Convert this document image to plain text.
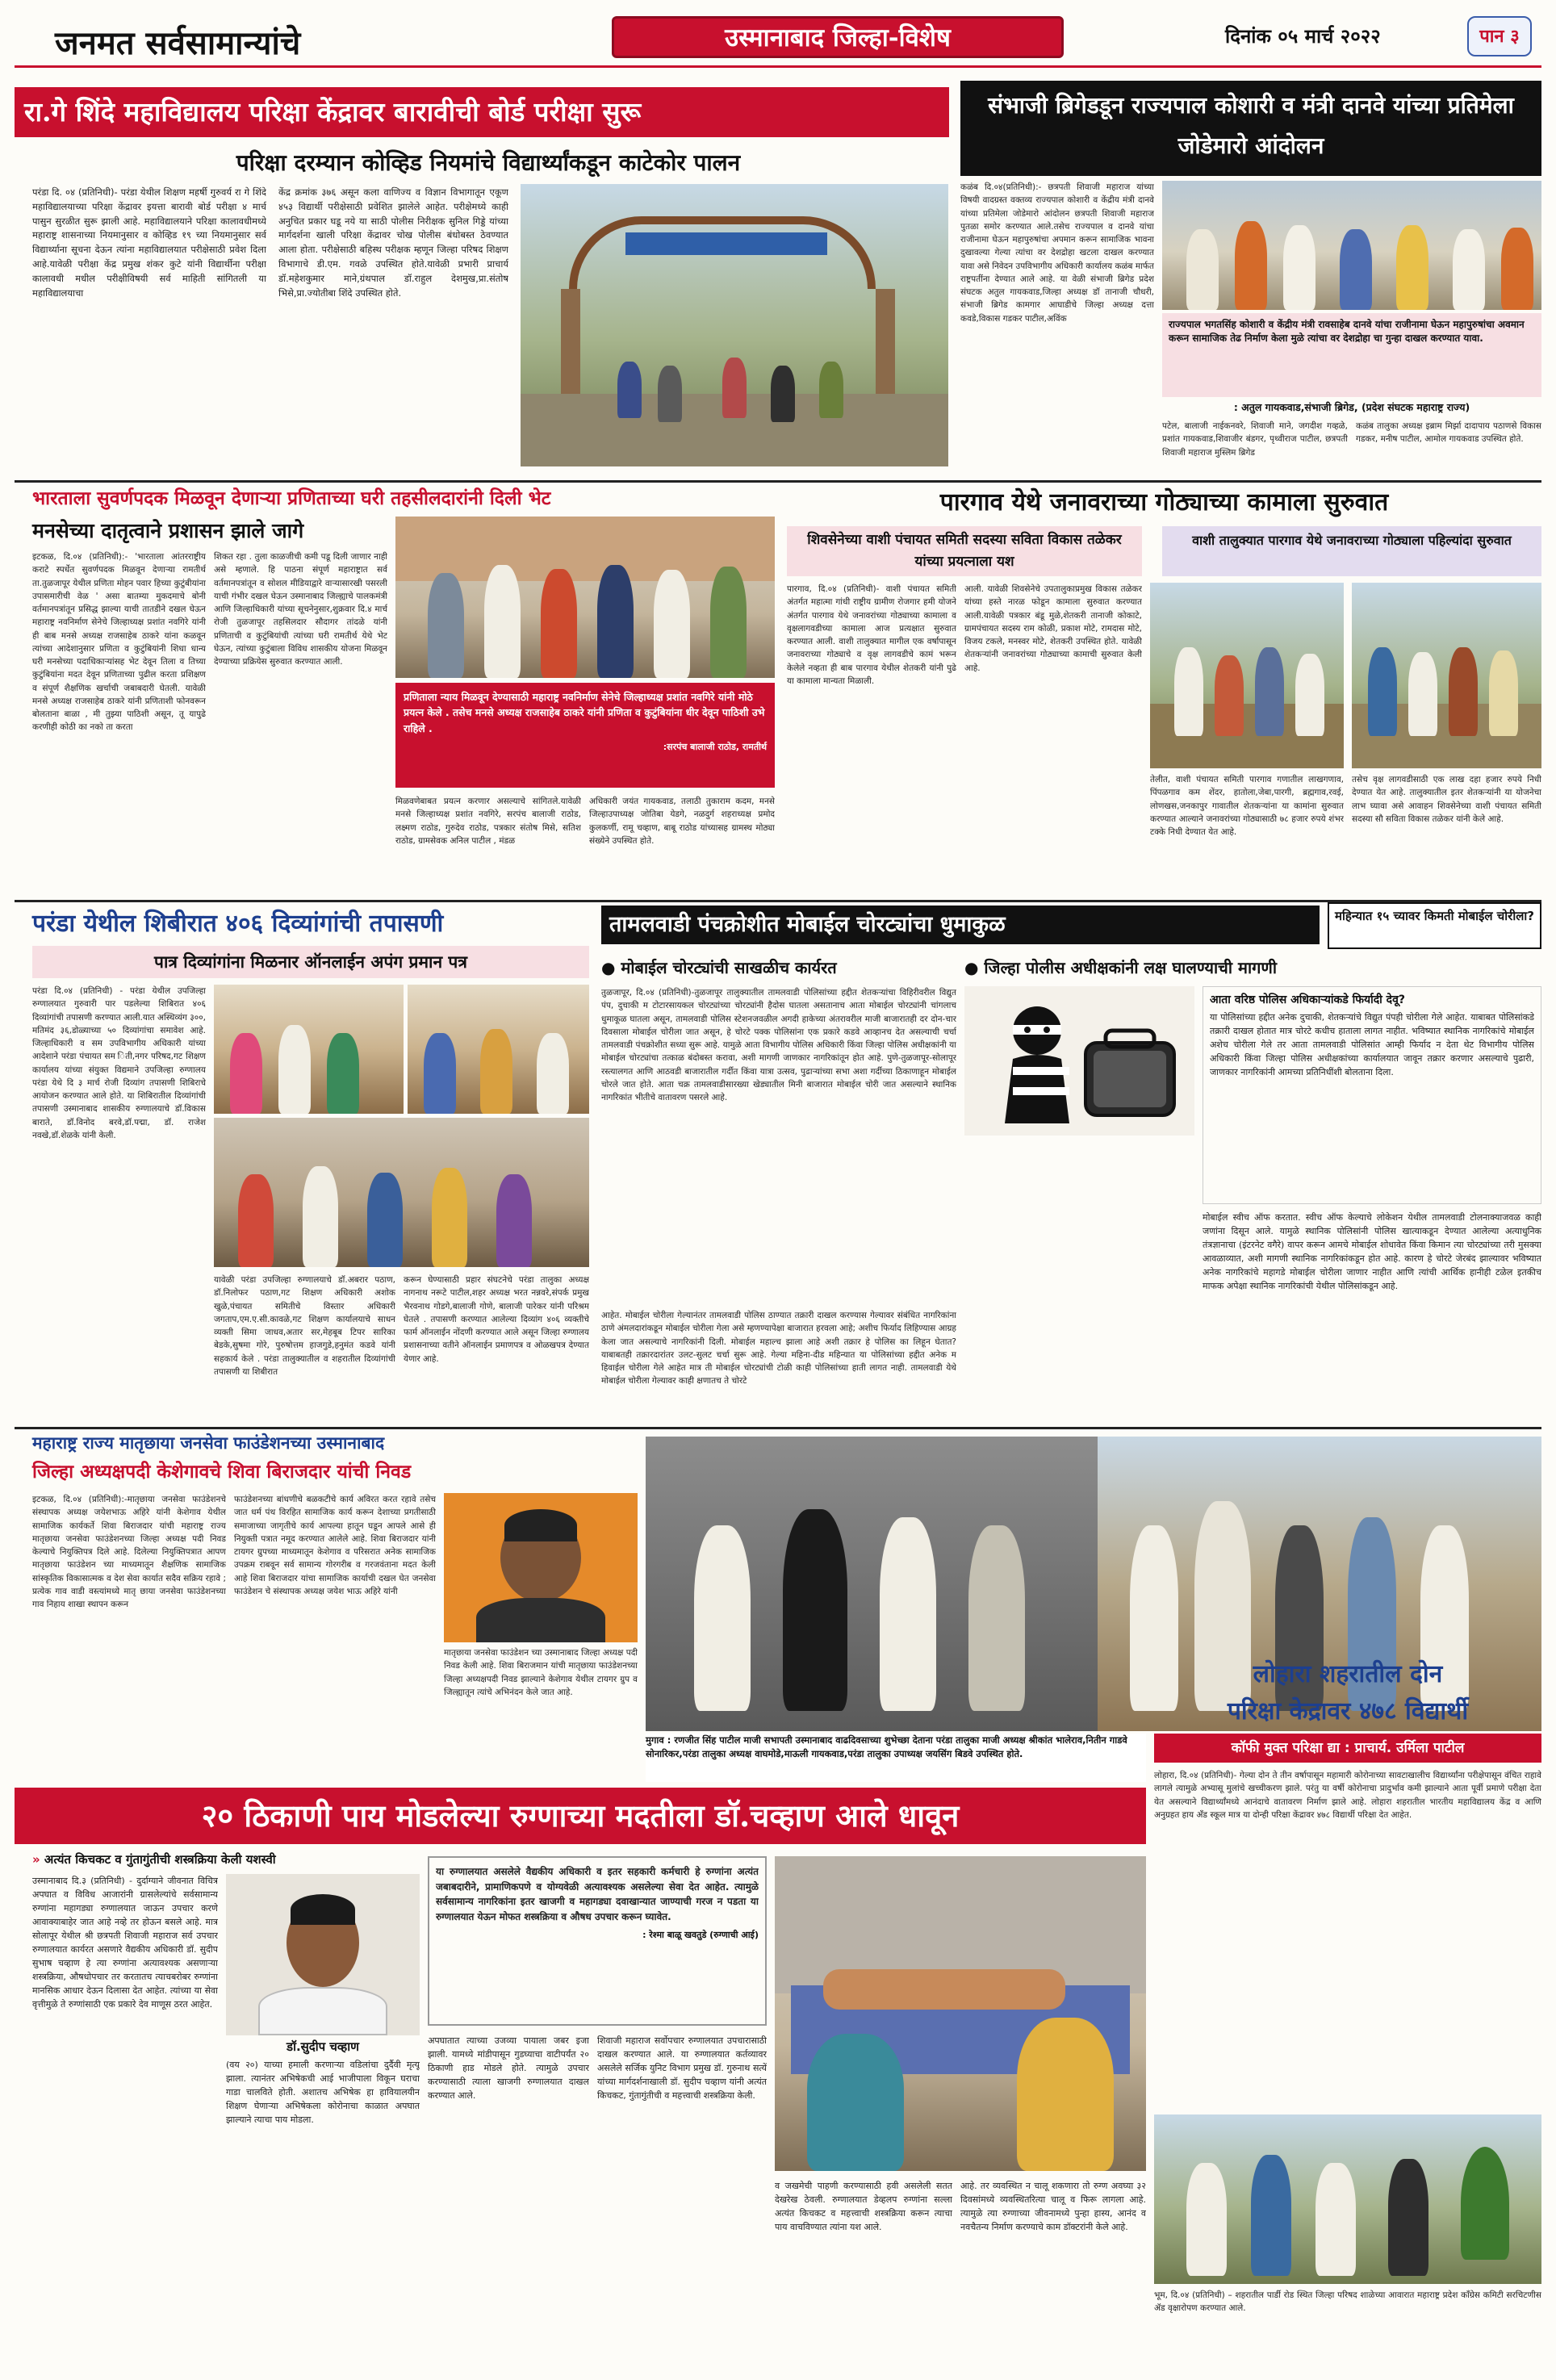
जनमत सर्वसामान्यांचे	उस्मानाबाद जिल्हा-विशेष	दिनांक ०५ मार्च २०२२	पान ३
रा.गे शिंदे महाविद्यालय परिक्षा केंद्रावर बारावीची बोर्ड परीक्षा सुरू
परिक्षा दरम्यान कोव्हिड नियमांचे विद्यार्थ्यांकडून काटेकोर पालन
परंडा दि. ०४ (प्रतिनिधी)- परंडा येथील शिक्षण महर्षी गुरुवर्य रा गे शिंदे महाविद्यालयाच्या परिक्षा केंद्रावर इयत्ता बारावी बोर्ड परीक्षा ४ मार्च पासुन सुरळीत सुरू झाली आहे. महाविद्यालयाने परिक्षा कालावधीमध्ये महाराष्ट्र शासनाच्या नियमानुसार व कोव्हिड १९ च्या नियमानुसार सर्व विद्यार्थ्याना सूचना देऊन त्यांना महाविद्यालयात परीक्षेसाठी प्रवेश दिला आहे.यावेळी परीक्षा केंद्र प्रमुख शंकर कुटे यांनी विद्यार्थीना परीक्षा कालावधी मधील परीक्षीविषयी सर्व माहिती सांगितली या महाविद्यालयाचा
केंद्र क्रमांक ३७६ असून कला वाणिज्य व विज्ञान विभागातून एकूण ४५३ विद्यार्थी परीक्षेसाठी प्रवेशित झालेले आहेत. परीक्षेमध्ये काही अनुचित प्रकार घडू नये या साठी पोलीस निरीक्षक सुनिल गिड्डे यांच्या मार्गदर्शना खाली परिक्षा केंद्रावर चोख पोलीस बंधोबस्त ठेवण्यात आला होता. परीक्षेसाठी बहिस्थ परीक्षक म्हणून जिल्हा परिषद शिक्षण विभागाचे डी.एम. गवळे उपस्थित होते.यावेळी प्रभारी प्राचार्य डॉ.महेशकुमार माने,ग्रंथपाल डॉ.राहुल देशमुख,प्रा.संतोष भिसे,प्रा.ज्योतीबा शिंदे उपस्थित होते.
संभाजी ब्रिगेडडून राज्यपाल कोशारी व मंत्री दानवे यांच्या प्रतिमेला जोडेमारो आंदोलन
कळंब दि.०४(प्रतिनिधी):- छत्रपती शिवाजी महाराज यांच्या विषयी वादग्रस्त वक्तव्य राज्यपाल कोशारी व केंद्रीय मंत्री दानवे यांच्या प्रतिमेला जोडेमारो आंदोलन छत्रपती शिवाजी महाराज पुतळा समोर करण्यात आले.तसेच राज्यपाल व दानवे यांचा राजीनामा घेऊन महापुरुषांचा अपमान करून सामाजिक भावना दुखावल्या गेल्या त्यांचा वर देशद्रोहा खटला दाखल करण्यात यावा असे निवेदन उपविभागीय अधिकारी कार्यालय कळंब मार्फत राष्ट्रपतींना देण्यात आले आहे. या वेळी संभाजी ब्रिगेड प्रदेश संघटक अतुल गायकवाड,जिल्हा अध्यक्ष डॉ तानाजी चौधरी, संभाजी ब्रिगेड कामगार आघाडीचे जिल्हा अध्यक्ष दत्ता कवडे,विकास गडकर पाटील,अविंक
राज्यपाल भगतसिंह कोशारी व केंद्रीय मंत्री रावसाहेब दानवे यांचा राजीनामा घेऊन महापुरुषांचा अवमान करून सामाजिक तेढ निर्माण केला मुळे त्यांचा वर देशद्रोहा चा गुन्हा दाखल करण्यात यावा.
: अतुल गायकवाड,संभाजी ब्रिगेड, (प्रदेश संघटक महाराष्ट्र राज्य)
पटेल, बालाजी नाईकनवरे, शिवाजी माने, जगदीश गव्हळे, प्रशांत गायकवाड,शिवाजीर बंडगर, पृथ्वीराज पाटील, छत्रपती शिवाजी महाराज मुस्लिम ब्रिगेड
कळंब तालुका अध्यक्ष इब्राम मिर्झा दादापाय पठाणसे विकास गडकर, मनीष पाटील, आमोल गायकवाड उपस्थित होते.
भारताला सुवर्णपदक मिळवून देणाऱ्या प्रणिताच्या घरी तहसीलदारांनी दिली भेट
मनसेच्या दातृत्वाने प्रशासन झाले जागे
इटकळ, दि.०४ (प्रतिनिधी):- 'भारताला आंतरराष्ट्रीय कराटे स्पर्धेत सुवर्णपदक मिळवून देणाऱ्या रामतीर्थ ता.तुळजापूर येथील प्रणिता मोहन पवार हिच्या कुटुंबीयांना उपासमारीची वेळ ' असा बातम्या मुकदमाचे बोनी वर्तमानपत्रांतून प्रसिद्ध झाल्या याची तातडीने दखल घेऊन महाराष्ट्र नवनिर्माण सेनेचे जिल्हाध्यक्ष प्रशांत नवगिरे यांनी ही बाब मनसे अध्यक्ष राजसाहेब ठाकरे यांना कळवून त्यांच्या आदेशानुसार प्रणिता व कुटुंबियांनी शिधा धान्य घरी मनसेच्या पदाधिकाऱ्यांसह भेट देवून तिला व तिच्या कुटुंबियांना मदत देवून प्रणिताच्या पुढील करता प्रशिक्षण व संपूर्ण शैक्षणिक खर्चाची जबाबदारी घेतली. यावेळी मनसे अध्यक्ष राजसाहेब ठाकरे यांनी प्रणिताशी फोनवरून बोलताना बाळा , मी तुझ्या पाठिशी असून, तू यापुढे करणीही कोठी का नको ता करता
शिकत रहा . तुला काळजीची कमी पडू दिली जाणार नाही असे म्हणाले. हि पाठना संपूर्ण महाराष्ट्रात सर्व वर्तमानपत्रांतून व सोशल मीडियाद्वारे वाऱ्यासारखी पसरली याची गंभीर दखल घेऊन उस्मानाबाद जिल्ह्याचे पालकमंत्री आणि जिल्हाधिकारी यांच्या सूचनेनुसार,शुक्रवार दि.४ मार्च रोजी तुळजापूर तहसिलदार सौदागर तांदळे यांनी प्रणिताची व कुटुंबियांची त्यांच्या घरी रामतीर्थ येथे भेट घेऊन, त्यांच्या कुटुंबाला विविध शासकीय योजना मिळवून देण्याच्या प्रक्रियेस सुरुवात करण्यात आली.
प्रणिताला न्याय मिळवून देण्यासाठी महाराष्ट्र नवनिर्माण सेनेचे जिल्हाध्यक्ष प्रशांत नवगिरे यांनी मोठे प्रयत्न केले . तसेच मनसे अध्यक्ष राजसाहेब ठाकरे यांनी प्रणिता व कुटुंबियांना धीर देवून पाठिशी उभे राहिले .
:सरपंच बालाजी राठोड, रामतीर्थ
मिळवणेबाबत प्रयत्न करणार असल्याचे सांगितले.यावेळी मनसे जिल्हाध्यक्ष प्रशांत नवगिरे, सरपंच बालाजी राठोड, लक्ष्मण राठोड, गुरुदेव राठोड, पत्रकार संतोष मिसे, सतिश राठोड, ग्रामसेवक अनिल पाटील , मंडळ
अधिकारी जयंत गायकवाड, तलाठी तुकाराम कदम, मनसे जिल्हाउपाध्यक्ष जोतिबा येडगे, नळदुर्ग शहराध्यक्ष प्रमोद कुलकर्णी, रामू चव्हाण, बाबू राठोड यांच्यासह ग्रामस्थ मोठ्या संख्येने उपस्थित होते.
पारगाव येथे जनावराच्या गोठ्याच्या कामाला सुरुवात
शिवसेनेच्या वाशी पंचायत समिती सदस्या सविता विकास तळेकर यांच्या प्रयत्नाला यश
वाशी तालुक्यात पारगाव येथे जनावराच्या गोठ्याला पहिल्यांदा सुरुवात
पारगाव, दि.०४ (प्रतिनिधी)- वाशी पंचायत समिती अंतर्गत महात्मा गांधी राष्ट्रीय ग्रामीण रोजगार हमी योजने अंतर्गत पारगाव येथे जनावरांच्या गोठ्याच्या कामाला व वृक्षलागवडीच्या कामाला आज प्रत्यक्षात सुरुवात करण्यात आली. वाशी तालुक्यात मागील एक वर्षापासून जनावराच्या गोठ्याचे व वृक्ष लागवडीचे कामं भरून केलेले नव्हता ही बाब पारगाव येथील शेतकरी यांनी पुढे या कामाला मान्यता मिळाली.
आली. यावेळी शिवसेनेचे उपतालुकाप्रमुख विकास तळेकर यांच्या हस्ते नारळ फोडून कामाला सुरुवात करण्यात आली.यावेळी पत्रकार बंडू मुळे,शेतकरी तानाजी कोकाटे, ग्रामपंचायत सदस्य राम कोळी, प्रकाश मोटे, रामदास मोटे, विजय टकले, मनस्वर मोटे, शेतकरी उपस्थित होते. यावेळी शेतकऱ्यांनी जनावरांच्या गोठ्याच्या कामाची सुरुवात केली आहे.
तेलीत, वाशी पंचायत समिती पारगाव गणातील लाखगणाव, पिंपळगाव कम शेंदर, हातोला,जेबा,पारगी, ब्रह्मगाव,रवई, लोणखस,जनकापुर गावातील शेतकऱ्यांना या कामांना सुरुवात करण्यात आल्याने जनावरांच्या गोठ्यासाठी ७८ हजार रुपये शंभर टक्के निधी देण्यात येत आहे.
तसेच वृक्ष लागवडीसाठी एक लाख दहा हजार रुपये निधी देण्यात येत आहे. तालुक्यातील इतर शेतकऱ्यांनी या योजनेचा लाभ घ्यावा असे आवाहन शिवसेनेच्या वाशी पंचायत समिती सदस्या सौ सविता विकास तळेकर यांनी केले आहे.
परंडा येथील शिबीरात ४०६ दिव्यांगांची तपासणी
पात्र दिव्यांगांना मिळनार ऑनलाईन अपंग प्रमान पत्र
परंडा दि.०४ (प्रतिनिधी) - परंडा येथील उपजिल्हा रुग्णालयात गुरुवारी पार पडलेल्या शिबिरात ४०६ दिव्यांगांची तपासणी करण्यात आली.यात अस्थिव्यंग ३००, मतिमंद ३६,डोळ्याच्या ५० दिव्यांगांचा समावेश आहे. जिल्हाधिकारी व सम उपविभागीय अधिकारी यांच्या आदेशाने परंडा पंचायत सम िती,नगर परिषद,गट शिक्षण कार्यालय यांच्या संयुक्त विद्यमाने उपजिल्हा रुग्णालय परंडा येथे दि ३ मार्च रोजी दिव्यांग तपासणी शिबिराचे आयोजन करण्यात आले होते. या शिबिरातील दिव्यांगांची तपासणी उस्मानाबाद शासकीय रुग्णालयाचे डॉ.विकास बाराते, डॉ.विनोद बरवे,डॉ.पद्मा, डॉ. राजेश नवखे,डॉ.शेळके यांनी केली.
यावेळी परंडा उपजिल्हा रुग्णालयाचे डॉ.अबरार पठाण, डॉ.निलोफर पठाण,गट शिक्षण अधिकारी अशोक खुळे,पंचायत समितीचे विस्तार अधिकारी जगताप,एम.ए.सी.कावळे,गट शिक्षण कार्यालयाचे साधन व्यक्ती सिमा जाधव,अतार सर,मेहबूब टिपर सारिका बेडके,सुषमा गोरे, पुरुषोत्तम हाजगुडे,हनुमंत कडवे यांनी सहकार्य केले . परंडा तालुक्यातील व शहरातील दिव्यांगांची तपासणी या शिबीरात
करून घेण्यासाठी प्रहार संघटनेचे परंडा तालुका अध्यक्ष नागनाथ नरूटे पाटील,शहर अध्यक्ष भरत नन्नवरे,संपर्क प्रमुख भैरवनाथ गोडगे,बालाजी गोणे, बालाजी पारेकर यांनी परिश्रम घेतले . तपासणी करण्यात आलेल्या दिव्यांग ४०६ व्यक्तीचे फार्म ऑनलाईन नोंदणी करण्यात आले असून जिल्हा रुग्णालय प्रशासनाच्या वतीने ऑनलाईन प्रमाणपत्र व ओळखपत्र देण्यात येणार आहे.
तामलवाडी पंचक्रोशीत मोबाईल चोरट्यांचा धुमाकुळ	महिन्यात १५ च्यावर किमती मोबाईल चोरीला?
● मोबाईल चोरट्यांची साखळीच कार्यरत	● जिल्हा पोलीस अधीक्षकांनी लक्ष घालण्याची मागणी
तुळजापूर, दि.०४ (प्रतिनिधी)-तुळजापूर तालुक्यातील तामलवाडी पोलिसांच्या हद्दीत शेतकऱ्यांचा विहिरीवरील विद्युत पंप, दुचाकी म टोटारसायकल चोरट्यांच्या चोरट्यांनी हैदोस घातला असतानाच आता मोबाईल चोरट्यांनी चांगलाच धुमाकूळ घातला असून, तामलवाडी पोलिस स्टेशनजवळील अगदी हाकेच्या अंतरावरील माजी बाजारातही दर दोन-चार दिवसाला मोबाईल चोरीला जात असून, हे चोरटे पक्क पोलिसांना एक प्रकारे कडवे आव्हानच देत असल्याची चर्चा तामलवाडी पंचक्रोशीत सध्या सुरू आहे. यामुळे आता विभागीय पोलिस अधिकारी किंवा जिल्हा पोलिस अधीक्षकांनी या मोबाईल चोरट्यांचा तत्काळ बंदोबस्त करावा, अशी मागणी जाणकार नागरिकांतून होत आहे. पुणे-तुळजापूर-सोलापूर रस्त्यालगत आणि आठवडी बाजारातील गर्दीत किंवा यात्रा उत्सव, पुढाऱ्यांच्या सभा अशा गर्दीच्या ठिकाणाहून मोबाईल चोरले जात होते. आता चक्र तामलवाडीसारख्या खेड्यातील मिनी बाजारात मोबाईल चोरी जात असल्याने स्थानिक नागरिकांत भीतीचे वातावरण पसरले आहे.
आहेत. मोबाईल चोरीला गेल्यानंतर तामलवाडी पोलिस ठाण्यात तक्रारी दाखल करण्यास गेल्यावर संबंधित नागरिकांना ठाणे अंमलदारांकडून मोबाईल चोरीला गेला असे म्हणण्यापेक्षा बाजारात हरवला आहे; अशीच फिर्याद लिहिण्यास आग्रह केला जात असल्याचे नागरिकांनी दिली. मोबाईल महाल्च झाला आहे अशी तक्रार हे पोलिस का लिहून घेतात? याबाबतही तक्रारदारांतर उलट-सुलट चर्चा सुरू आहे. गेल्या महिना-दीड महिन्यात या पोलिसांच्या हद्दीत अनेक म हिवाईल चोरीला गेले आहेत मात्र ती मोबाईल चोरट्यांची टोळी काही पोलिसांच्या हाती लागत नाही. तामलवाडी येथे मोबाईल चोरीला गेल्यावर काही क्षणातच ते चोरटे
आता वरिष्ठ पोलिस अधिकाऱ्यांकडे फिर्यादी देवू?
या पोलिसांच्या हद्दीत अनेक दुचाकी, शेतकऱ्यांचे विद्युत पंपही चोरीला गेले आहेत. याबाबत पोलिसांकडे तक्रारी दाखल होतात मात्र चोरटे कधीच हाताला लागत नाहीत. भविष्यात स्थानिक नागरिकांचे मोबाईल अशेच चोरीला गेले तर आता तामलवाडी पोलिसांत आम्ही फिर्याद न देता थेट विभागीय पोलिस अधिकारी किंवा जिल्हा पोलिस अधीक्षकांच्या कार्यालयात जावून तक्रार करणार असल्याचे पुढारी, जाणकार नागरिकांनी आमच्या प्रतिनिधींशी बोलताना दिला.
मोबाईल स्वीच ऑफ करतात. स्वीच ऑफ केल्याचे लोकेशन येथील तामलवाडी टोलनाक्याजवळ काही जणांना दिसून आले. यामुळे स्थानिक पोलिसांनी पोलिस खात्याकडून देण्यात आलेल्या अत्याधुनिक तंत्रज्ञानाचा (इंटरनेट वगैरे) वापर करून आमचे मोबाईल शोधावेत किंवा किमान त्या चोरट्यांच्या तरी मुसक्या आवळाव्यात, अशी मागणी स्थानिक नागरिकांकडून होत आहे. कारण हे चोरटे जेरबंद झाल्यावर भविष्यात अनेक नागरिकांचे महागडे मोबाईल चोरीला जाणार नाहीत आणि त्यांची आर्थिक हानीही टळेल इतकीच माफक अपेक्षा स्थानिक नागरिकांची येथील पोलिसांकडून आहे.
महाराष्ट्र राज्य मातृछाया जनसेवा फाउंडेशनच्या उस्मानाबाद
जिल्हा अध्यक्षपदी केशेगावचे शिवा बिराजदार यांची निवड
इटकळ, दि.०४ (प्रतिनिधी):-मातृछाया जनसेवा फाउंडेशनचे संस्थापक अध्यक्ष जयेशभाऊ अहिरे यांनी केशेगाव येथील सामाजिक कार्यकर्ते शिवा बिराजदार यांची महाराष्ट्र राज्य मातृछाया जनसेवा फाउंडेशनच्या जिल्हा अध्यक्ष पदी निवड केल्याचे नियुक्तिपत्र दिले आहे. दिलेल्या नियुक्तिपत्रात आपण मातृछाया फाउंडेशन च्या माध्यमातून शैक्षणिक सामाजिक सांस्कृतिक विकासात्मक व देश सेवा कार्यात सदैव सक्रिय रहावे ; प्रत्येक गाव वाडी वस्त्यांमध्ये मातृ छाया जनसेवा फाउंडेशनच्या गाव निहाय शाखा स्थापन करून
फाउंडेशनच्या बांधणीचे बळकटीचे कार्य अविरत करत रहावे तसेच जात धर्म पंथ विरहित सामाजिक कार्य करून देशाच्या प्रगतीसाठी समाजाच्या जागृतीचे कार्य आपल्या हातून घडून आपले आसे ही नियुक्ती पत्रात नमूद करण्यात आलेले आहे. शिवा बिराजदार यांनी टायगर ग्रुपच्या माध्यमातून केशेगाव व परिसरात अनेक सामाजिक उपक्रम राबवून सर्व सामान्य गोरगरीब व गरजवंताना मदत केली आहे शिवा बिराजदार यांचा सामाजिक कार्याची दखल घेत जनसेवा फाउंडेशन चे संस्थापक अध्यक्ष जयेश भाऊ अहिरे यांनी
मातृछाया जनसेवा फाउंडेशन च्या उस्मानाबाद जिल्हा अध्यक्ष पदी निवड केली आहे. शिवा बिराजमान यांची मातृछाया फाउंडेशनच्या जिल्हा अध्यक्षपदी निवड झाल्याने केशेगाव येथील टायगर ग्रुप व जिल्ह्यातून त्यांचे अभिनंदन केले जात आहे.
मुगाव : रणजीत सिंह पाटील माजी सभापती उस्मानाबाद वाढदिवसाच्या शुभेच्छा देताना परंडा तालुका माजी अध्यक्ष श्रीकांत भालेराव,नितीन गाडवे सोनारिकर,परंडा तालुका अध्यक्ष वाघमोडे,माऊली गायकवाड,परंडा तालुका उपाध्यक्ष जयसिंग बिडवे उपस्थित होते.
लोहारा शहरातील दोन
परिक्षा केद्रावर ४७८ विद्यार्थी
कॉफी मुक्त परिक्षा द्या : प्राचार्य. उर्मिला पाटील
लोहारा, दि.०४ (प्रतिनिधी)- गेल्या दोन ते तीन वर्षापासून महामारी कोरोनाच्या सावटाखालीच विद्यार्थ्यांना परीक्षेपासून वंचित राहावे लागले त्यामुळे अभ्यासू मुलांचे खच्चीकरण झाले. परंतु या वर्षी कोरोनाचा प्रादुर्भाव कमी झाल्याने आता पूर्वी प्रमाणे परीक्षा देता येत असल्याने विद्यार्थ्यांमध्ये आनंदाचे वातावरण निर्माण झाले आहे. लोहारा शहरातील भारतीय महाविद्यालय केंद्र व आणि अनुग्रहत हाय अँड स्कूल मात्र या दोन्ही परिक्षा केंद्रावर ४७८ विद्यार्थी परिक्षा देत आहेत.
भूम, दि.०४ (प्रतिनिधी) – शहरातील पार्डी रोड स्थित जिल्हा परिषद शाळेच्या आवारात महाराष्ट्र प्रदेश काँग्रेस कमिटी सरचिटणीस ॲड वृक्षारोपण करण्यात आले.
२० ठिकाणी पाय मोडलेल्या रुग्णाच्या मदतीला डॉ.चव्हाण आले धावून
» अत्यंत किचकट व गुंतागुंतीची शस्त्रक्रिया केली यशस्वी
उस्मानाबाद दि.३ (प्रतिनिधी) - दुर्दाग्याने जीवनात विचित्र अपघात व विविध आजारांनी ग्रासलेल्यांचे सर्वसामान्य रुग्णांना महागड्या रुग्णालयात जाऊन उपचार करणे आवाक्याबाहेर जात आहे नव्हे तर होऊन बसले आहे. मात्र सोलापूर येथील श्री छत्रपती शिवाजी महाराज सर्व उपचार रुग्णालयात कार्यरत असणारे वैद्यकीय अधिकारी डॉ. सुदीप सुभाष चव्हाण हे त्या रुग्णांना अत्यावश्यक असणाऱ्या शस्त्रक्रिया, औषधोपचार तर करतातच त्याचबरोबर रुग्णांना मानसिक आधार देऊन दिलासा देत आहेत. त्यांच्या या सेवा वृत्तीमुळे ते रुग्णांसाठी एक प्रकारे देव माणूस ठरत आहेत.
डॉ.सुदीप चव्हाण
(वय २०) याच्या हमाली करणाऱ्या वडिलांचा दुर्दैवी मृत्यू झाला. त्यानंतर अभिषेकची आई भाजीपाला विकून घराचा गाडा चालविते होती. अशातच अभिषेक हा हावियालयीन शिक्षण घेणाऱ्या अभिषेकला कोरोनाचा काळात अपघात झाल्याने त्याचा पाय मोडला.
या रुग्णालयात असलेले वैद्यकीय अधिकारी व इतर सहकारी कर्मचारी हे रुग्णांना अत्यंत जबाबदारीने, प्रामाणिकपणे व योग्यवेळी अत्यावश्यक असलेल्या सेवा देत आहेत. त्यामुळे सर्वसामान्य नागरिकांना इतर खाजगी व महागड्या दवाखान्यात जाण्याची गरज न पडता या रुग्णालयात येऊन मोफत शस्त्रक्रिया व औषध उपचार करून घ्यावेत.
: रेश्मा बाळू खवतुडे (रुग्णाची आई)
अपघातात त्याच्या उजव्या पायाला जबर इजा झाली. यामध्ये मांडीपासून गुडघ्याचा वाटीपर्यंत २० ठिकाणी हाड मोडले होते. त्यामुळे उपचार करण्यासाठी त्याला खाजगी रुग्णालयात दाखल करण्यात आले.
शिवाजी महाराज सर्वोपचार रुग्णालयात उपचारासाठी दाखल करण्यात आले. या रुग्णालयात कर्तव्यावर असलेले सर्जिक युनिट विभाग प्रमुख डॉ. गुरुनाथ सत्यें यांच्या मार्गदर्शनाखाली डॉ. सुदीप चव्हाण यांनी अत्यंत किचकट, गुंतागुंतीची व महत्त्वाची शस्त्रक्रिया केली.
व जखमेची पाहणी करण्यासाठी हवी असलेली सतत देखरेख ठेवली. रुग्णालयात डेव्हलप रुग्णांना सल्ला अत्यंत किचकट व महत्त्वाची शस्त्रक्रिया करून त्याचा पाय वाचविण्यात त्यांना यश आले.
आहे. तर व्यवस्थित न चालू शकणारा तो रुग्ण अवघ्या ३२ दिवसांमध्ये व्यवस्थितरित्या चालू व फिरू लागला आहे. त्यामुळे त्या रुग्णाच्या जीवनामध्ये पुन्हा हास्य, आनंद व नवचैतन्य निर्माण करण्याचे काम डॉक्टरांनी केले आहे.
